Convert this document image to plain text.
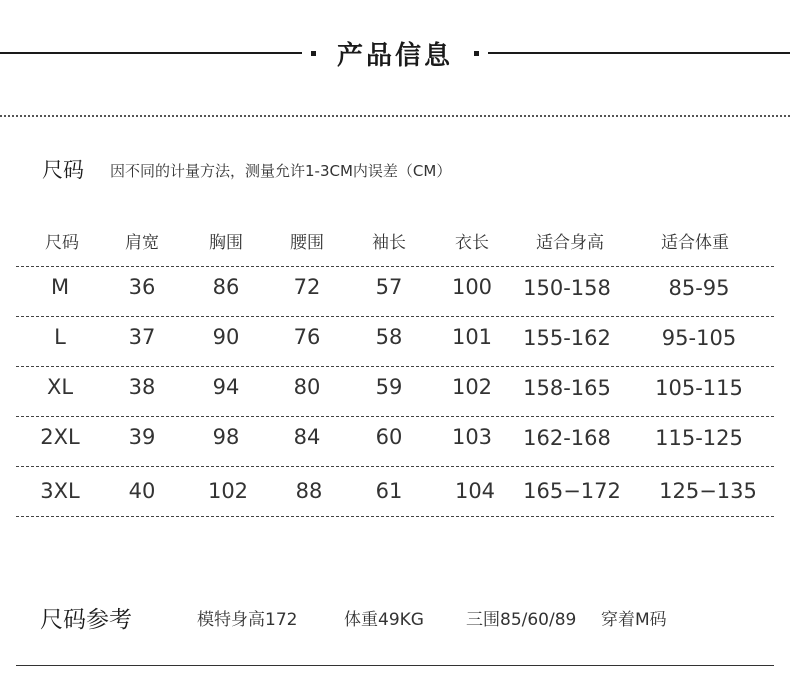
产品信息
尺码 因不同的计量方法，测量允许1-3CM内误差（CM）
尺码	肩宽	胸围	腰围	袖长	衣长	适合身高	适合体重
M	36	86	72	57	100	150-158	85-95
L	37	90	76	58	101	155-162	95-105
XL	38	94	80	59	102	158-165	105-115
2XL	39	98	84	60	103	162-168	115-125
3XL	40	102	88	61	104	165−172	125−135
尺码参考	模特身高172	体重49KG 三围85/60/89 穿着M码
